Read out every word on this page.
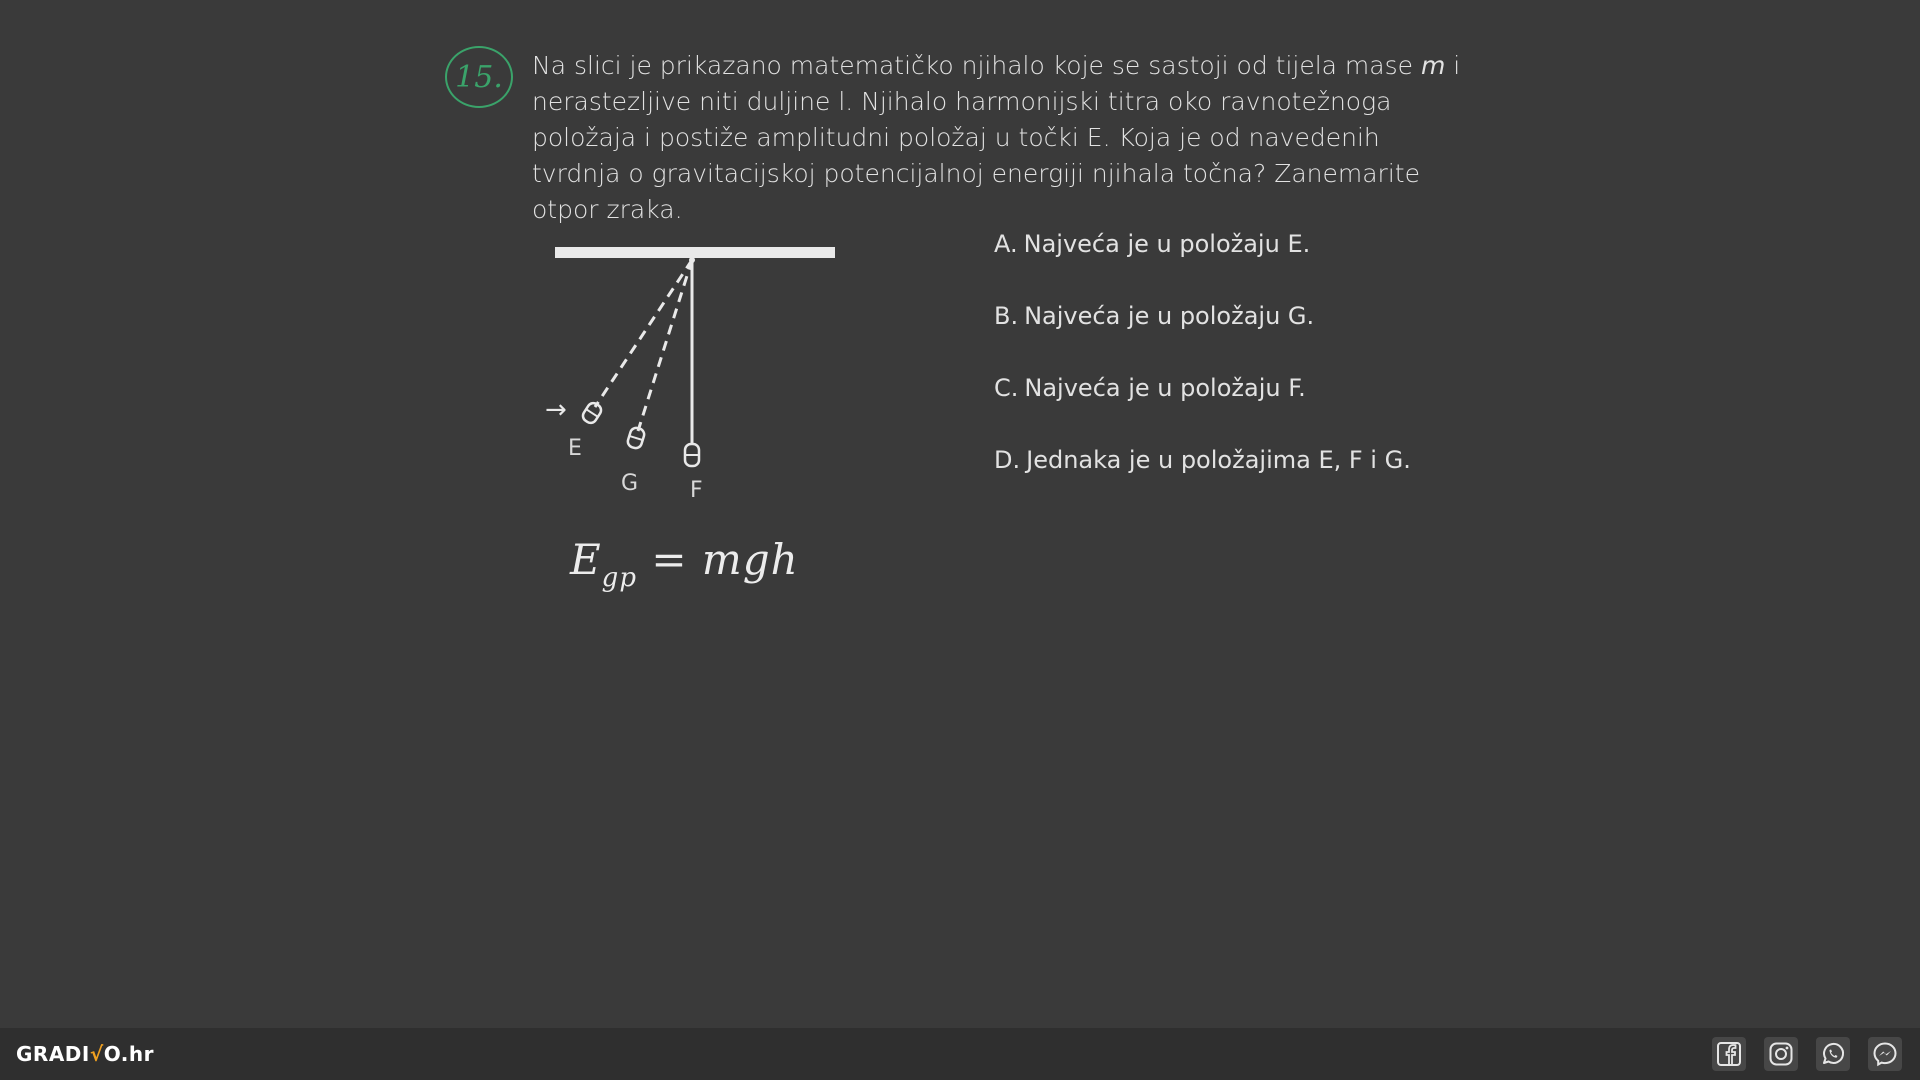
15. Na slici je prikazano matematičko njihalo koje se sastoji od tijela mase m i nerastezljive niti duljine l. Njihalo harmonijski titra oko ravnotežnoga položaja i postiže amplitudni položaj u točki E. Koja je od navedenih tvrdnja o gravitacijskoj potencijalnoj energiji njihala točna? Zanemarite otpor zraka.
→
E
G F
$E_{gp}$ = mgh
A. Najveća je u položaju E.
B. Najveća je u položaju G.
C. Najveća je u položaju F.
D. Jednaka je u položajima E, F i G.
GRADI√O.hr
